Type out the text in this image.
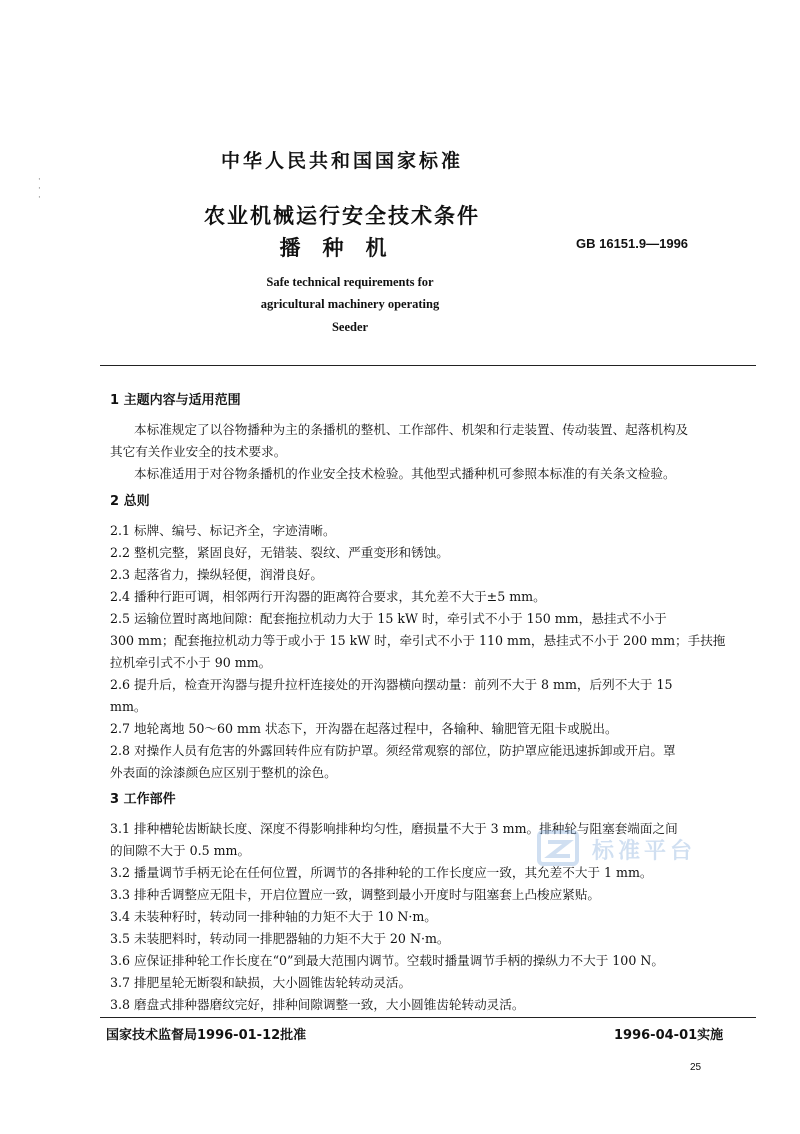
·
·
·
中华人民共和国国家标准
农业机械运行安全技术条件
播种机	GB 16151.9—1996
Safe technical requirements for
agricultural machinery operating
Seeder
1 主题内容与适用范围
本标准规定了以谷物播种为主的条播机的整机、工作部件、机架和行走装置、传动装置、起落机构及
其它有关作业安全的技术要求。
本标准适用于对谷物条播机的作业安全技术检验。其他型式播种机可参照本标准的有关条文检验。
2 总则
2.1 标牌、编号、标记齐全，字迹清晰。
2.2 整机完整，紧固良好，无错装、裂纹、严重变形和锈蚀。
2.3 起落省力，操纵轻便，润滑良好。
2.4 播种行距可调，相邻两行开沟器的距离符合要求，其允差不大于±5 mm。
2.5 运输位置时离地间隙：配套拖拉机动力大于 15 kW 时，牵引式不小于 150 mm，悬挂式不小于
300 mm；配套拖拉机动力等于或小于 15 kW 时，牵引式不小于 110 mm，悬挂式不小于 200 mm；手扶拖
拉机牵引式不小于 90 mm。
2.6 提升后，检查开沟器与提升拉杆连接处的开沟器横向摆动量：前列不大于 8 mm，后列不大于 15
mm。
2.7 地轮离地 50～60 mm 状态下，开沟器在起落过程中，各输种、输肥管无阻卡或脱出。
2.8 对操作人员有危害的外露回转件应有防护罩。须经常观察的部位，防护罩应能迅速拆卸或开启。罩
外表面的涂漆颜色应区别于整机的涂色。
3 工作部件
3.1 排种槽轮齿断缺长度、深度不得影响排种均匀性，磨损量不大于 3 mm。排种轮与阻塞套端面之间
的间隙不大于 0.5 mm。
3.2 播量调节手柄无论在任何位置，所调节的各排种轮的工作长度应一致，其允差不大于 1 mm。
3.3 排种舌调整应无阻卡，开启位置应一致，调整到最小开度时与阻塞套上凸梭应紧贴。
3.4 未装种籽时，转动同一排种轴的力矩不大于 10 N·m。
3.5 未装肥料时，转动同一排肥器轴的力矩不大于 20 N·m。
3.6 应保证排种轮工作长度在“0”到最大范围内调节。空载时播量调节手柄的操纵力不大于 100 N。
3.7 排肥星轮无断裂和缺损，大小圆锥齿轮转动灵活。
3.8 磨盘式排种器磨纹完好，排种间隙调整一致，大小圆锥齿轮转动灵活。
标准平台
国家技术监督局1996-01-12批准	1996-04-01实施
25
